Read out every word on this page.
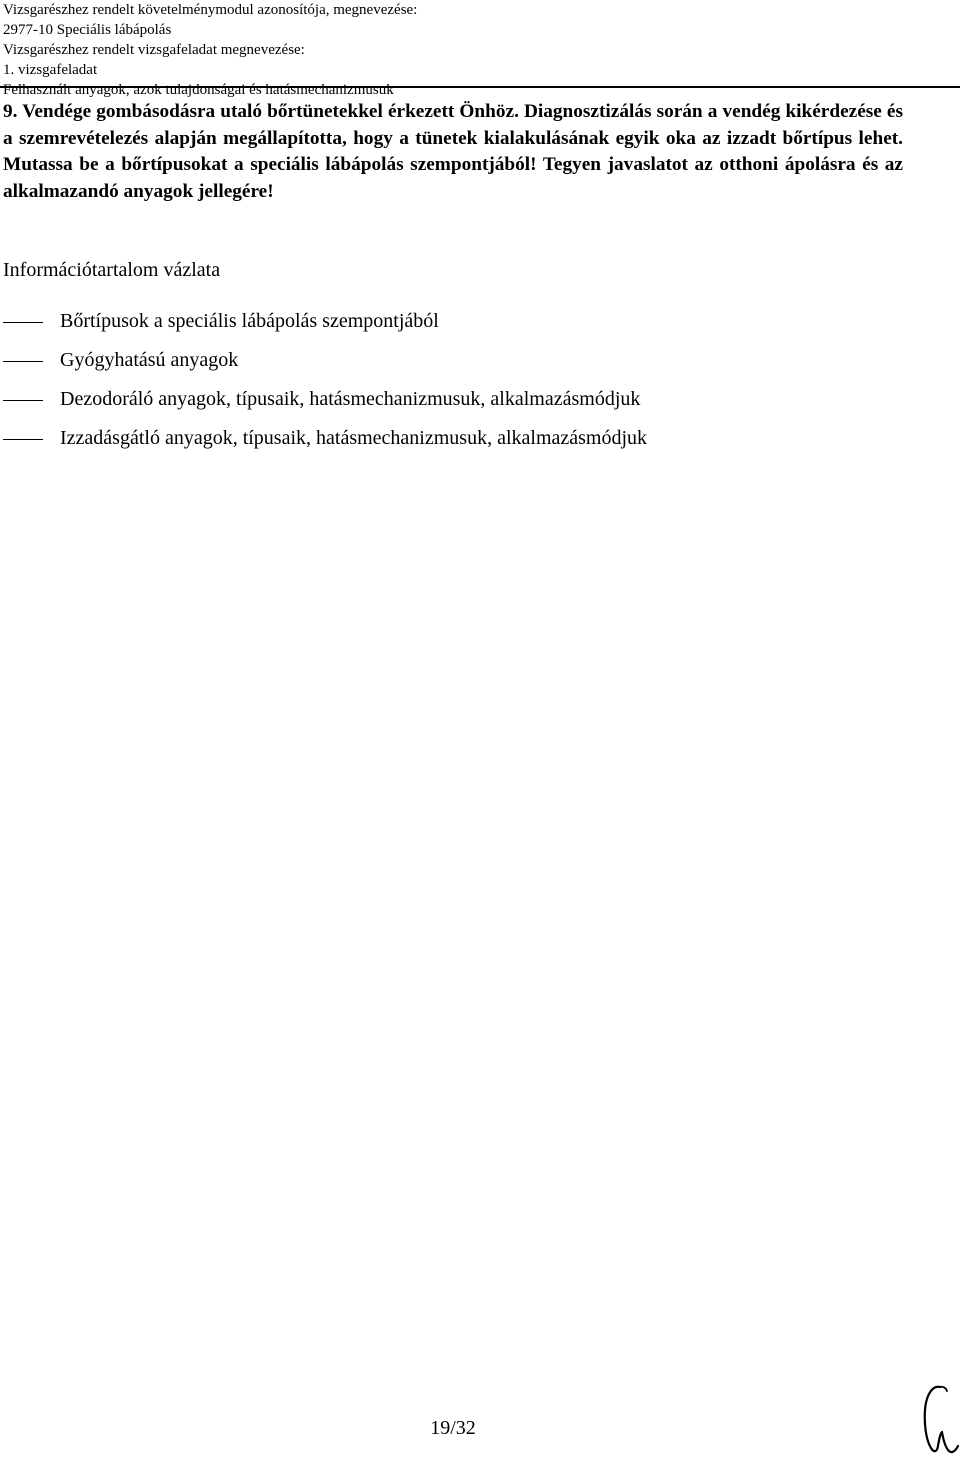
Vizsgarészhez rendelt követelménymodul azonosítója, megnevezése:
2977-10 Speciális lábápolás
Vizsgarészhez rendelt vizsgafeladat megnevezése:
1. vizsgafeladat
Felhasznált anyagok, azok tulajdonságai és hatásmechanizmusuk
9. Vendége gombásodásra utaló bőrtünetekkel érkezett Önhöz. Diagnosztizálás során a vendég kikérdezése és a szemrevételezés alapján megállapította, hogy a tünetek kialakulásának egyik oka az izzadt bőrtípus lehet. Mutassa be a bőrtípusokat a speciális lábápolás szempontjából! Tegyen javaslatot az otthoni ápolásra és az alkalmazandó anyagok jellegére!
Információtartalom vázlata
Bőrtípusok a speciális lábápolás szempontjából
Gyógyhatású anyagok
Dezodoráló anyagok, típusaik, hatásmechanizmusuk, alkalmazásmódjuk
Izzadásgátló anyagok, típusaik, hatásmechanizmusuk, alkalmazásmódjuk
19/32
